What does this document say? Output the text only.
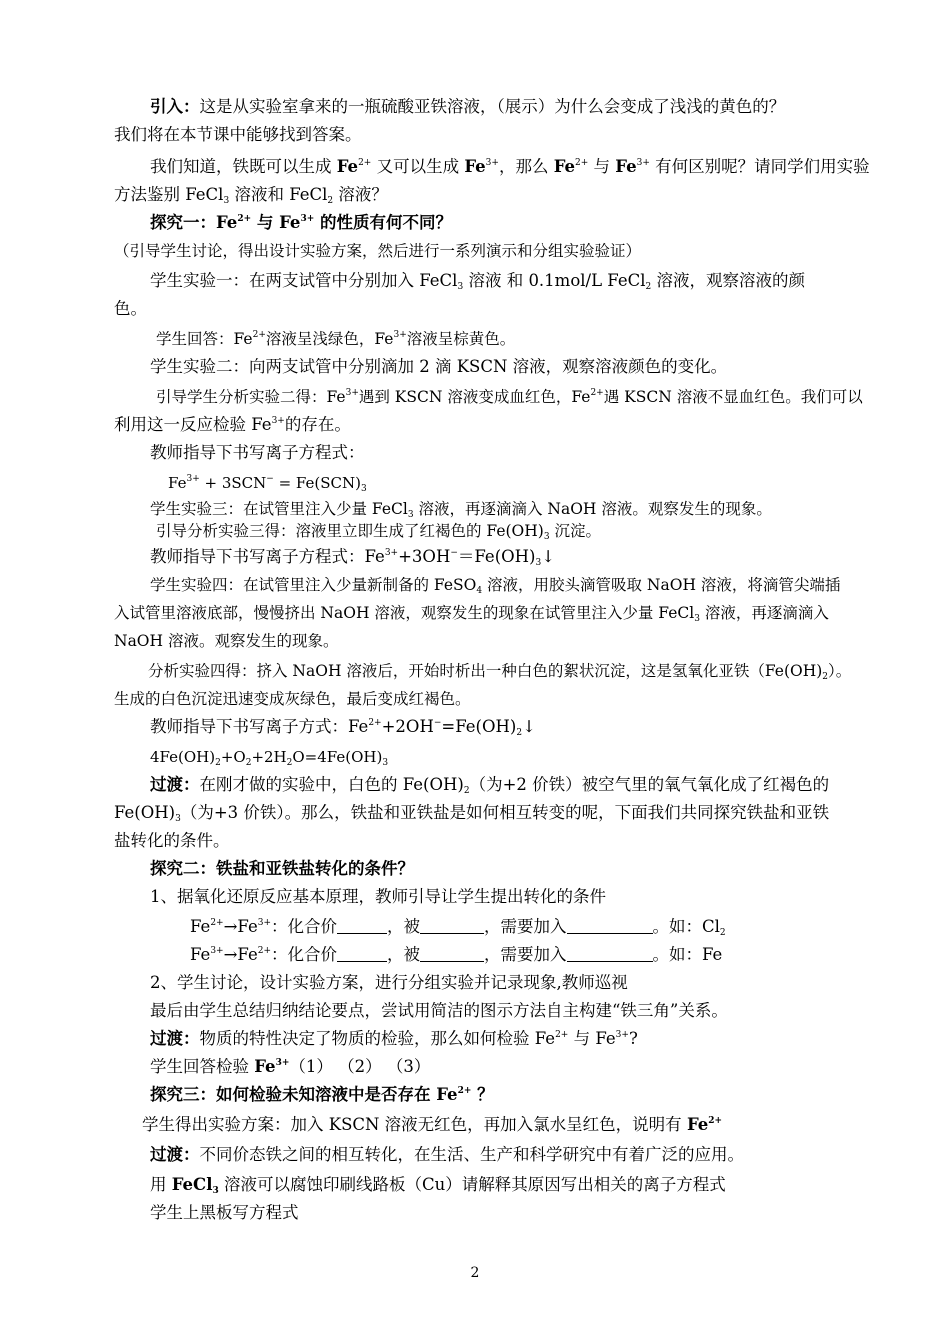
引入：这是从实验室拿来的一瓶硫酸亚铁溶液，（展示）为什么会变成了浅浅的黄色的？
我们将在本节课中能够找到答案。
我们知道，铁既可以生成 $Fe^{2+}$ 又可以生成 $Fe^{3+}$，那么 $Fe^{2+}$ 与 $Fe^{3+}$ 有何区别呢？请同学们用实验
方法鉴别 FeCl$_3$ 溶液和 FeCl$_2$ 溶液？
探究一：$Fe^{2+}$ 与 $Fe^{3+}$ 的性质有何不同？
（引导学生讨论，得出设计实验方案，然后进行一系列演示和分组实验验证）
学生实验一：在两支试管中分别加入 FeCl$_3$ 溶液 和 0.1mol/L FeCl$_2$ 溶液，观察溶液的颜
色。
学生回答：$Fe^{2+}$溶液呈浅绿色，$Fe^{3+}$溶液呈棕黄色。
学生实验二：向两支试管中分别滴加 2 滴 KSCN 溶液，观察溶液颜色的变化。
引导学生分析实验二得：$Fe^{3+}$遇到 KSCN 溶液变成血红色，$Fe^{2+}$遇 KSCN 溶液不显血红色。我们可以
利用这一反应检验 $Fe^{3+}$的存在。
教师指导下书写离子方程式：
$Fe^{3+} + 3SCN^- = Fe(SCN)_3$
学生实验三：在试管里注入少量 FeCl$_3$ 溶液，再逐滴滴入 NaOH 溶液。观察发生的现象。
引导分析实验三得：溶液里立即生成了红褐色的 $Fe(OH)_3$ 沉淀。
教师指导下书写离子方程式：$Fe^{3+}+3OH^-=Fe(OH)_3↓$
学生实验四：在试管里注入少量新制备的 FeSO$_4$ 溶液，用胶头滴管吸取 NaOH 溶液，将滴管尖端插
入试管里溶液底部，慢慢挤出 NaOH 溶液，观察发生的现象在试管里注入少量 FeCl$_3$ 溶液，再逐滴滴入
NaOH 溶液。观察发生的现象。
分析实验四得：挤入 NaOH 溶液后，开始时析出一种白色的絮状沉淀，这是氢氧化亚铁$(Fe(OH)_2)$。
生成的白色沉淀迅速变成灰绿色，最后变成红褐色。
教师指导下书写离子方式：$Fe^{2+}+2OH^-=Fe(OH)_2↓$
$4Fe(OH)_2+O_2+2H_2O=4Fe(OH)_3$
过渡：在刚才做的实验中，白色的 $Fe(OH)_2$（为+2 价铁）被空气里的氧气氧化成了红褐色的
$Fe(OH)_3$（为+3 价铁）。那么，铁盐和亚铁盐是如何相互转变的呢，下面我们共同探究铁盐和亚铁
盐转化的条件。
探究二：铁盐和亚铁盐转化的条件？
1、据氧化还原反应基本原理，教师引导让学生提出转化的条件
$Fe^{2+}\to Fe^{3+}$：化合价	，被	，需要加入	。如：$Cl_2$
$Fe^{3+}\to Fe^{2+}$：化合价	，被	，需要加入	。如：Fe
2、学生讨论，设计实验方案，进行分组实验并记录现象,教师巡视
最后由学生总结归纳结论要点，尝试用简洁的图示方法自主构建“铁三角”关系。
过渡：物质的特性决定了物质的检验，那么如何检验 $Fe^{2+}$ 与 $Fe^{3+}$?
学生回答检验 $Fe^{3+}(1)$ （2） （3）
探究三：如何检验未知溶液中是否存在 $Fe^{2+}$ ？
学生得出实验方案：加入 KSCN 溶液无红色，再加入氯水呈红色，说明有 $Fe^{2+}$
过渡：不同价态铁之间的相互转化，在生活、生产和科学研究中有着广泛的应用。
用 FeCl$_3$ 溶液可以腐蚀印刷线路板（Cu）请解释其原因写出相关的离子方程式
学生上黑板写方程式
2
